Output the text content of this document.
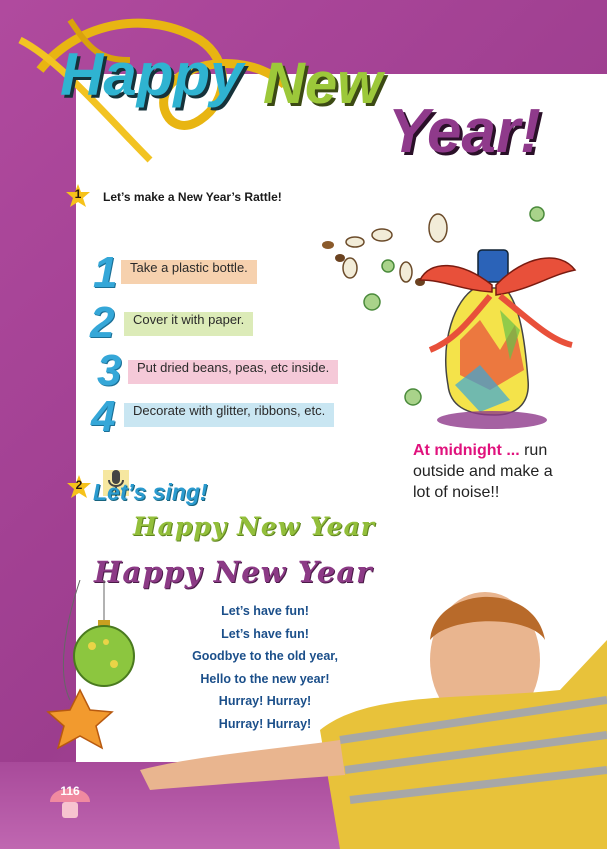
Happy New
Year!
1	Let’s make a New Year’s Rattle!
1 Take a plastic bottle.
2	Cover it with paper.
3	Put dried beans, peas, etc inside.
4	Decorate with glitter, ribbons, etc.
At midnight ... run outside and make a lot of noise!!
2 Let’s sing!
Happy New Year
Happy New Year
Let’s have fun!
Let’s have fun!
Goodbye to the old year,
Hello to the new year!
Hurray! Hurray!
Hurray! Hurray!
116
